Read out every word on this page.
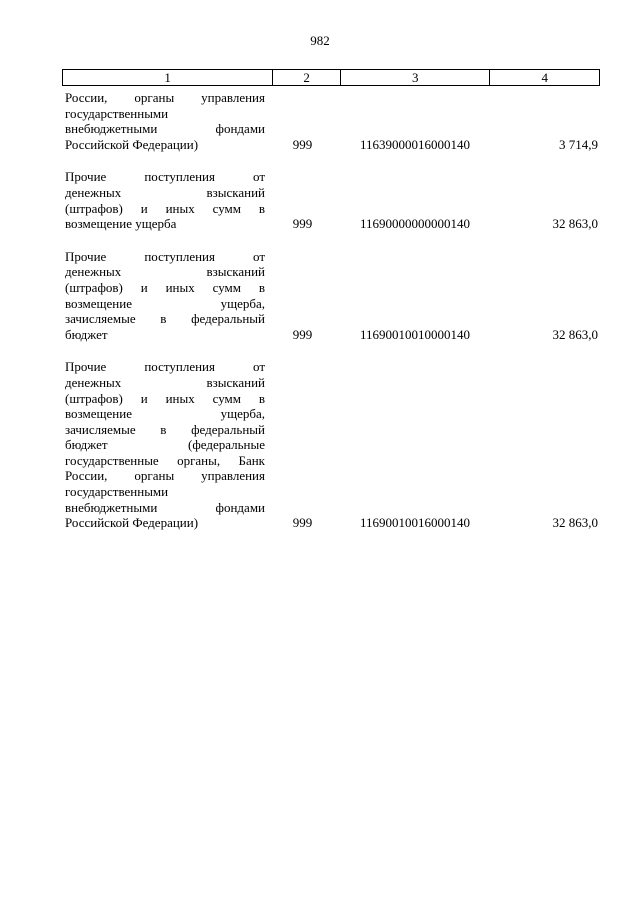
982
1	2	3	4
России, органы управления
государственными
внебюджетными фондами
Российской Федерации)	999	11639000016000140	3 714,9
Прочие поступления от
денежных взысканий
(штрафов) и иных сумм в
возмещение ущерба	999	11690000000000140	32 863,0
Прочие поступления от
денежных взысканий
(штрафов) и иных сумм в
возмещение ущерба,
зачисляемые в федеральный
бюджет	999	11690010010000140	32 863,0
Прочие поступления от
денежных взысканий
(штрафов) и иных сумм в
возмещение ущерба,
зачисляемые в федеральный
бюджет (федеральные
государственные органы, Банк
России, органы управления
государственными
внебюджетными фондами
Российской Федерации)	999	11690010016000140	32 863,0
